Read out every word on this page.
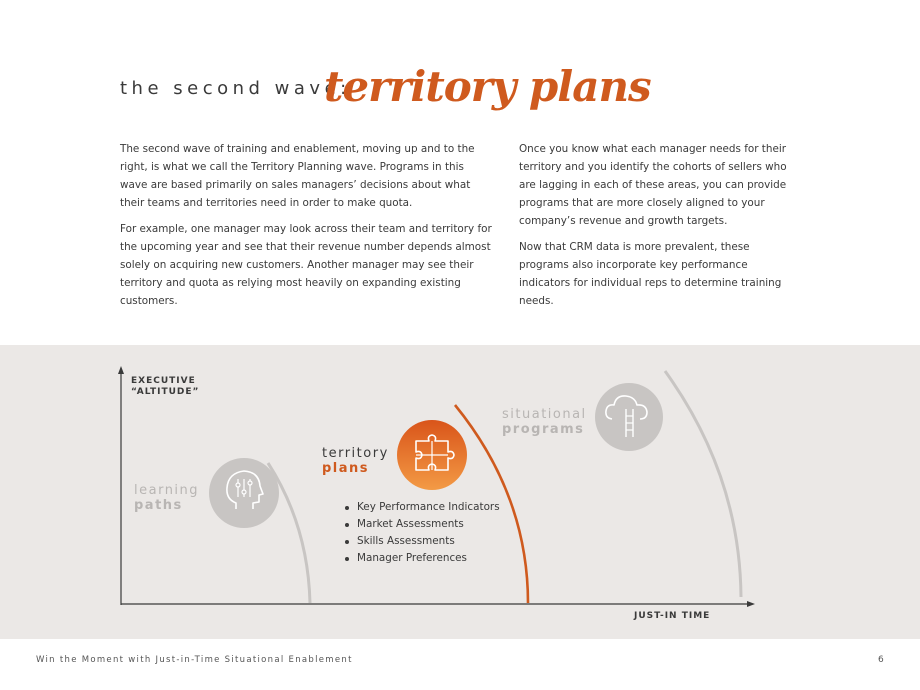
the second wave:
territory plans

The second wave of training and enablement, moving up and to the right, is what we call the Territory Planning wave. Programs in this wave are based primarily on sales managers’ decisions about what their teams and territories need in order to make quota.

For example, one manager may look across their team and territory for the upcoming year and see that their revenue number depends almost solely on acquiring new customers. Another manager may see their territory and quota as relying most heavily on expanding existing customers.

Once you know what each manager needs for their territory and you identify the cohorts of sellers who are lagging in each of these areas, you can provide programs that are more closely aligned to your company’s revenue and growth targets.

Now that CRM data is more prevalent, these programs also incorporate key performance indicators for individual reps to determine training needs.

EXECUTIVE
“ALTITUDE”
JUST-IN TIME
learning
paths
territory
plans
situational
programs
Key Performance Indicators
Market Assessments
Skills Assessments
Manager Preferences
Win the Moment with Just-in-Time Situational Enablement	6
